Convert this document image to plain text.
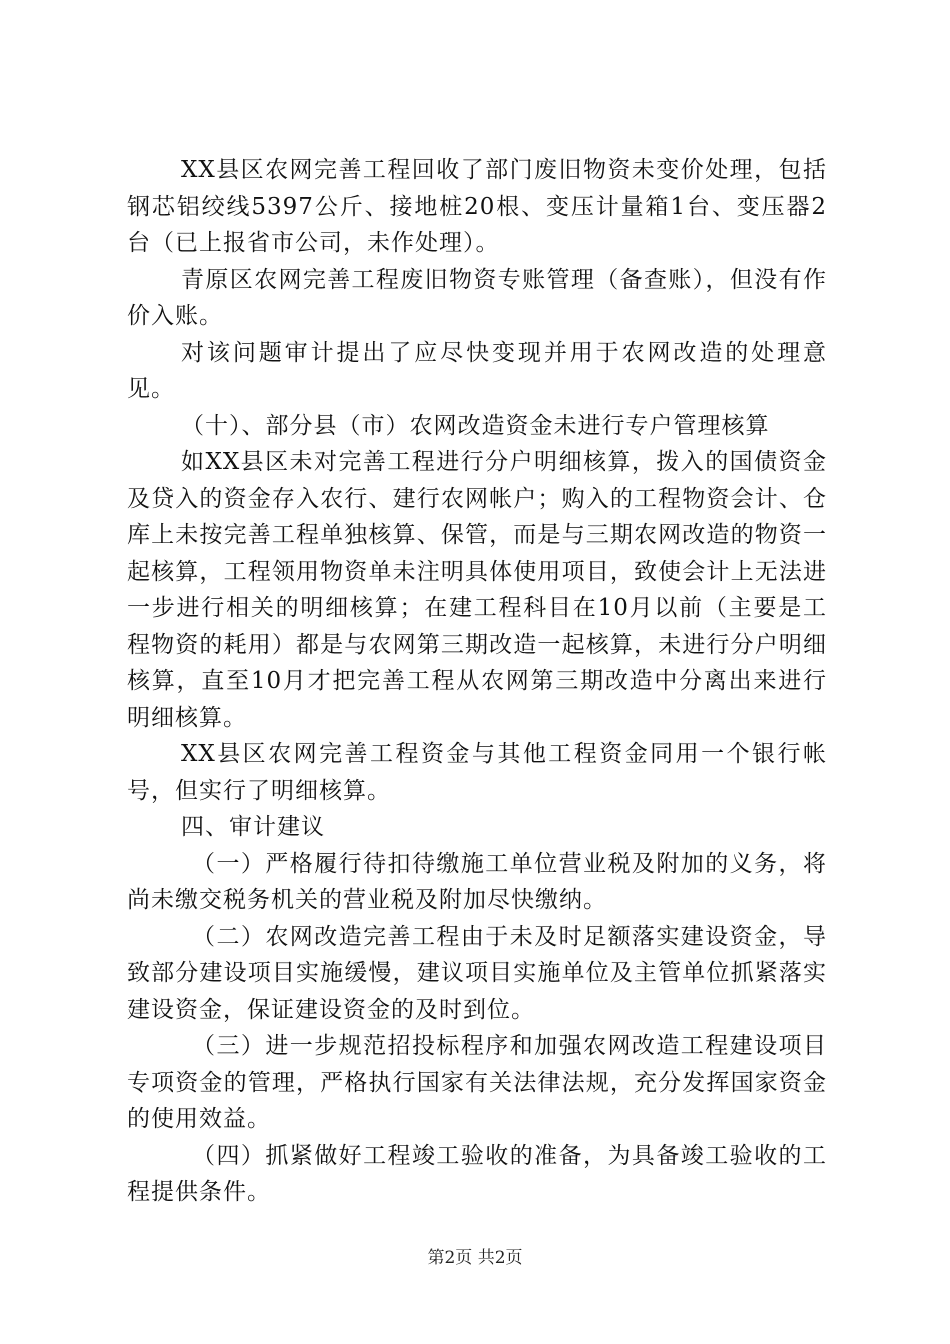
XX县区农网完善工程回收了部门废旧物资未变价处理，包括钢芯铝绞线5397公斤、接地桩20根、变压计量箱1台、变压器2台（已上报省市公司，未作处理）。

青原区农网完善工程废旧物资专账管理（备查账），但没有作价入账。

对该问题审计提出了应尽快变现并用于农网改造的处理意见。

（十）、部分县（市）农网改造资金未进行专户管理核算

如XX县区未对完善工程进行分户明细核算，拨入的国债资金及贷入的资金存入农行、建行农网帐户；购入的工程物资会计、仓库上未按完善工程单独核算、保管，而是与三期农网改造的物资一起核算，工程领用物资单未注明具体使用项目，致使会计上无法进一步进行相关的明细核算；在建工程科目在10月以前（主要是工程物资的耗用）都是与农网第三期改造一起核算，未进行分户明细核算，直至10月才把完善工程从农网第三期改造中分离出来进行明细核算。

XX县区农网完善工程资金与其他工程资金同用一个银行帐号，但实行了明细核算。

四、审计建议

（一）严格履行待扣待缴施工单位营业税及附加的义务，将尚未缴交税务机关的营业税及附加尽快缴纳。

（二）农网改造完善工程由于未及时足额落实建设资金，导致部分建设项目实施缓慢，建议项目实施单位及主管单位抓紧落实建设资金，保证建设资金的及时到位。

（三）进一步规范招投标程序和加强农网改造工程建设项目专项资金的管理，严格执行国家有关法律法规，充分发挥国家资金的使用效益。

（四）抓紧做好工程竣工验收的准备，为具备竣工验收的工程提供条件。

第2页 共2页
